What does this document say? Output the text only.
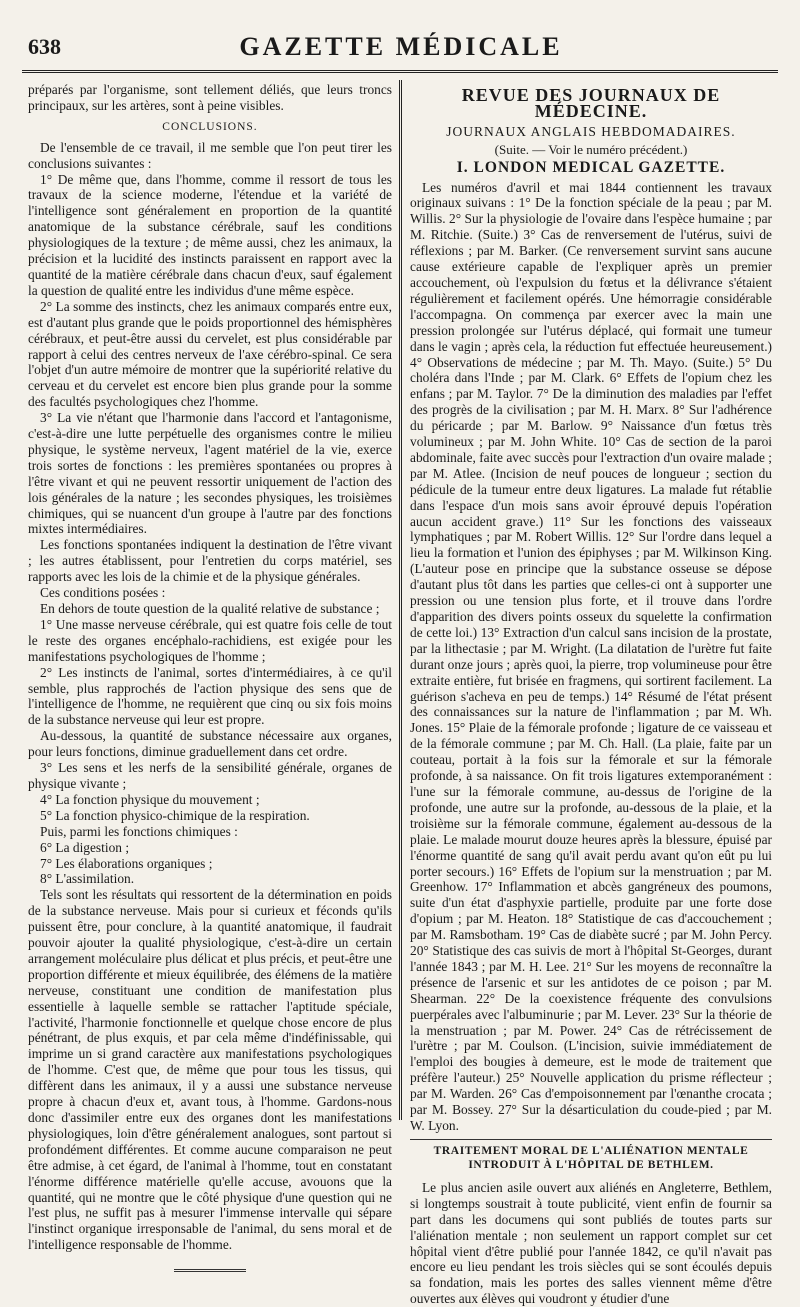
638	GAZETTE MÉDICALE

préparés par l'organisme, sont tellement déliés, que leurs troncs principaux, sur les artères, sont à peine visibles.

CONCLUSIONS.

De l'ensemble de ce travail, il me semble que l'on peut tirer les conclusions suivantes :

1° De même que, dans l'homme, comme il ressort de tous les travaux de la science moderne, l'étendue et la variété de l'intelligence sont généralement en proportion de la quantité anatomique de la substance cérébrale, sauf les conditions physiologiques de la texture ; de même aussi, chez les animaux, la précision et la lucidité des instincts paraissent en rapport avec la quantité de la matière cérébrale dans chacun d'eux, sauf également la question de qualité entre les individus d'une même espèce.

2° La somme des instincts, chez les animaux comparés entre eux, est d'autant plus grande que le poids proportionnel des hémisphères cérébraux, et peut-être aussi du cervelet, est plus considérable par rapport à celui des centres nerveux de l'axe cérébro-spinal. Ce sera l'objet d'un autre mémoire de montrer que la supériorité relative du cerveau et du cervelet est encore bien plus grande pour la somme des facultés psychologiques chez l'homme.

3° La vie n'étant que l'harmonie dans l'accord et l'antagonisme, c'est-à-dire une lutte perpétuelle des organismes contre le milieu physique, le système nerveux, l'agent matériel de la vie, exerce trois sortes de fonctions : les premières spontanées ou propres à l'être vivant et qui ne peuvent ressortir uniquement de l'action des lois générales de la nature ; les secondes physiques, les troisièmes chimiques, qui se nuancent d'un groupe à l'autre par des fonctions mixtes intermédiaires.

Les fonctions spontanées indiquent la destination de l'être vivant ; les autres établissent, pour l'entretien du corps matériel, ses rapports avec les lois de la chimie et de la physique générales.

Ces conditions posées :

En dehors de toute question de la qualité relative de substance ;

1° Une masse nerveuse cérébrale, qui est quatre fois celle de tout le reste des organes encéphalo-rachidiens, est exigée pour les manifestations psychologiques de l'homme ;

2° Les instincts de l'animal, sortes d'intermédiaires, à ce qu'il semble, plus rapprochés de l'action physique des sens que de l'intelligence de l'homme, ne requièrent que cinq ou six fois moins de la substance nerveuse qui leur est propre.

Au-dessous, la quantité de substance nécessaire aux organes, pour leurs fonctions, diminue graduellement dans cet ordre.

3° Les sens et les nerfs de la sensibilité générale, organes de physique vivante ;

4° La fonction physique du mouvement ;

5° La fonction physico-chimique de la respiration.

Puis, parmi les fonctions chimiques :

6° La digestion ;

7° Les élaborations organiques ;

8° L'assimilation.

Tels sont les résultats qui ressortent de la détermination en poids de la substance nerveuse. Mais pour si curieux et féconds qu'ils puissent être, pour conclure, à la quantité anatomique, il faudrait pouvoir ajouter la qualité physiologique, c'est-à-dire un certain arrangement moléculaire plus délicat et plus précis, et peut-être une proportion différente et mieux équilibrée, des élémens de la matière nerveuse, constituant une condition de manifestation plus essentielle à laquelle semble se rattacher l'aptitude spéciale, l'activité, l'harmonie fonctionnelle et quelque chose encore de plus pénétrant, de plus exquis, et par cela même d'indéfinissable, qui imprime un si grand caractère aux manifestations psychologiques de l'homme. C'est que, de même que pour tous les tissus, qui diffèrent dans les animaux, il y a aussi une substance nerveuse propre à chacun d'eux et, avant tous, à l'homme. Gardons-nous donc d'assimiler entre eux des organes dont les manifestations physiologiques, loin d'être généralement analogues, sont partout si profondément différentes. Et comme aucune comparaison ne peut être admise, à cet égard, de l'animal à l'homme, tout en constatant l'énorme différence matérielle qu'elle accuse, avouons que la quantité, qui ne montre que le côté physique d'une question qui ne l'est plus, ne suffit pas à mesurer l'immense intervalle qui sépare l'instinct organique irresponsable de l'animal, du sens moral et de l'intelligence responsable de l'homme.

REVUE DES JOURNAUX DE MÉDECINE.

JOURNAUX ANGLAIS HEBDOMADAIRES.

(Suite. — Voir le numéro précédent.)

I. LONDON MEDICAL GAZETTE.

Les numéros d'avril et mai 1844 contiennent les travaux originaux suivans : 1° De la fonction spéciale de la peau ; par M. Willis. 2° Sur la physiologie de l'ovaire dans l'espèce humaine ; par M. Ritchie. (Suite.) 3° Cas de renversement de l'utérus, suivi de réflexions ; par M. Barker. (Ce renversement survint sans aucune cause extérieure capable de l'expliquer après un premier accouchement, où l'expulsion du fœtus et la délivrance s'étaient régulièrement et facilement opérés. Une hémorragie considérable l'accompagna. On commença par exercer avec la main une pression prolongée sur l'utérus déplacé, qui formait une tumeur dans le vagin ; après cela, la réduction fut effectuée heureusement.) 4° Observations de médecine ; par M. Th. Mayo. (Suite.) 5° Du choléra dans l'Inde ; par M. Clark. 6° Effets de l'opium chez les enfans ; par M. Taylor. 7° De la diminution des maladies par l'effet des progrès de la civilisation ; par M. H. Marx. 8° Sur l'adhérence du péricarde ; par M. Barlow. 9° Naissance d'un fœtus très volumineux ; par M. John White. 10° Cas de section de la paroi abdominale, faite avec succès pour l'extraction d'un ovaire malade ; par M. Atlee. (Incision de neuf pouces de longueur ; section du pédicule de la tumeur entre deux ligatures. La malade fut rétablie dans l'espace d'un mois sans avoir éprouvé depuis l'opération aucun accident grave.) 11° Sur les fonctions des vaisseaux lymphatiques ; par M. Robert Willis. 12° Sur l'ordre dans lequel a lieu la formation et l'union des épiphyses ; par M. Wilkinson King. (L'auteur pose en principe que la substance osseuse se dépose d'autant plus tôt dans les parties que celles-ci ont à supporter une pression ou une tension plus forte, et il trouve dans l'ordre d'apparition des divers points osseux du squelette la confirmation de cette loi.) 13° Extraction d'un calcul sans incision de la prostate, par la lithectasie ; par M. Wright. (La dilatation de l'urètre fut faite durant onze jours ; après quoi, la pierre, trop volumineuse pour être extraite entière, fut brisée en fragmens, qui sortirent facilement. La guérison s'acheva en peu de temps.) 14° Résumé de l'état présent des connaissances sur la nature de l'inflammation ; par M. Wh. Jones. 15° Plaie de la fémorale profonde ; ligature de ce vaisseau et de la fémorale commune ; par M. Ch. Hall. (La plaie, faite par un couteau, portait à la fois sur la fémorale et sur la fémorale profonde, à sa naissance. On fit trois ligatures extemporanément : l'une sur la fémorale commune, au-dessus de l'origine de la profonde, une autre sur la profonde, au-dessous de la plaie, et la troisième sur la fémorale commune, également au-dessous de la plaie. Le malade mourut douze heures après la blessure, épuisé par l'énorme quantité de sang qu'il avait perdu avant qu'on eût pu lui porter secours.) 16° Effets de l'opium sur la menstruation ; par M. Greenhow. 17° Inflammation et abcès gangréneux des poumons, suite d'un état d'asphyxie partielle, produite par une forte dose d'opium ; par M. Heaton. 18° Statistique de cas d'accouchement ; par M. Ramsbotham. 19° Cas de diabète sucré ; par M. John Percy. 20° Statistique des cas suivis de mort à l'hôpital St-Georges, durant l'année 1843 ; par M. H. Lee. 21° Sur les moyens de reconnaître la présence de l'arsenic et sur les antidotes de ce poison ; par M. Shearman. 22° De la coexistence fréquente des convulsions puerpérales avec l'albuminurie ; par M. Lever. 23° Sur la théorie de la menstruation ; par M. Power. 24° Cas de rétrécissement de l'urètre ; par M. Coulson. (L'incision, suivie immédiatement de l'emploi des bougies à demeure, est le mode de traitement que préfère l'auteur.) 25° Nouvelle application du prisme réflecteur ; par M. Warden. 26° Cas d'empoisonnement par l'œnanthe crocata ; par M. Bossey. 27° Sur la désarticulation du coude-pied ; par M. W. Lyon.

TRAITEMENT MORAL DE L'ALIÉNATION MENTALE INTRODUIT À L'HÔPITAL DE BETHLEM.

Le plus ancien asile ouvert aux aliénés en Angleterre, Bethlem, si longtemps soustrait à toute publicité, vient enfin de fournir sa part dans les documens qui sont publiés de toutes parts sur l'aliénation mentale ; non seulement un rapport complet sur cet hôpital vient d'être publié pour l'année 1842, ce qu'il n'avait pas encore eu lieu pendant les trois siècles qui se sont écoulés depuis sa fondation, mais les portes des salles viennent même d'être ouvertes aux élèves qui voudront y étudier d'une
